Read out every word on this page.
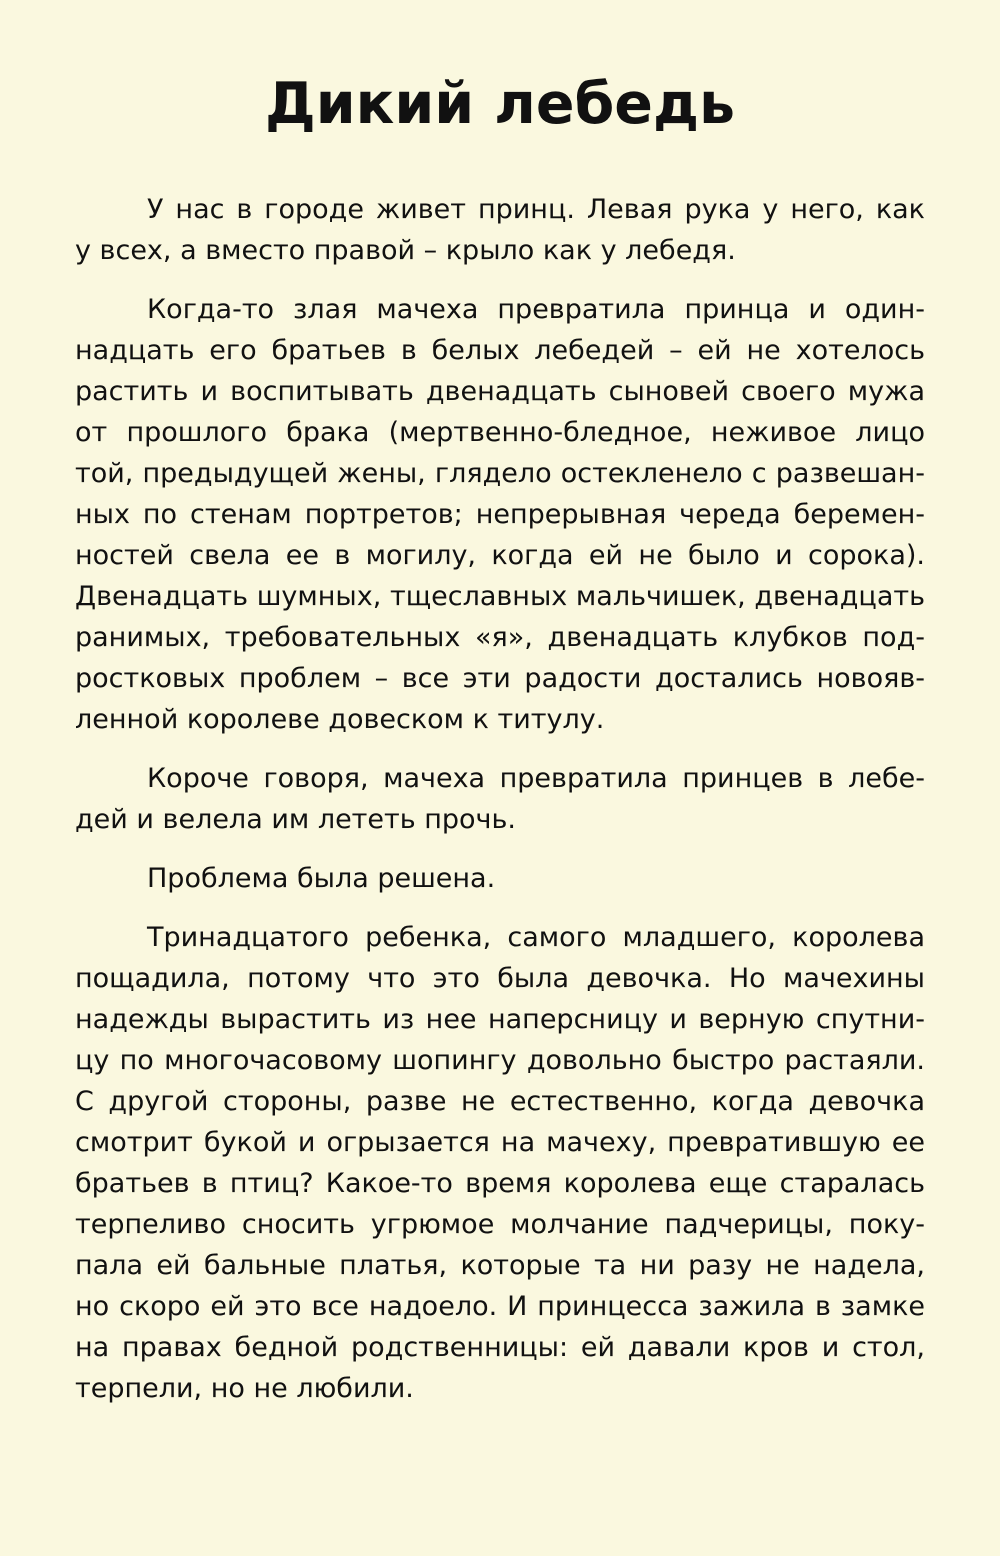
Дикий лебедь
У нас в городе живет принц. Левая рука у него, как
у всех, а вместо правой – крыло как у лебедя.
Когда-то злая мачеха превратила принца и один-
надцать его братьев в белых лебедей – ей не хотелось
растить и воспитывать двенадцать сыновей своего мужа
от прошлого брака (мертвенно-бледное, неживое лицо
той, предыдущей жены, глядело остекленело с развешан-
ных по стенам портретов; непрерывная череда беремен-
ностей свела ее в могилу, когда ей не было и сорока).
Двенадцать шумных, тщеславных мальчишек, двенадцать
ранимых, требовательных «я», двенадцать клубков под-
ростковых проблем – все эти радости достались новояв-
ленной королеве довеском к титулу.
Короче говоря, мачеха превратила принцев в лебе-
дей и велела им лететь прочь.
Проблема была решена.
Тринадцатого ребенка, самого младшего, королева
пощадила, потому что это была девочка. Но мачехины
надежды вырастить из нее наперсницу и верную спутни-
цу по многочасовому шопингу довольно быстро растаяли.
С другой стороны, разве не естественно, когда девочка
смотрит букой и огрызается на мачеху, превратившую ее
братьев в птиц? Какое-то время королева еще старалась
терпеливо сносить угрюмое молчание падчерицы, поку-
пала ей бальные платья, которые та ни разу не надела,
но скоро ей это все надоело. И принцесса зажила в замке
на правах бедной родственницы: ей давали кров и стол,
терпели, но не любили.
